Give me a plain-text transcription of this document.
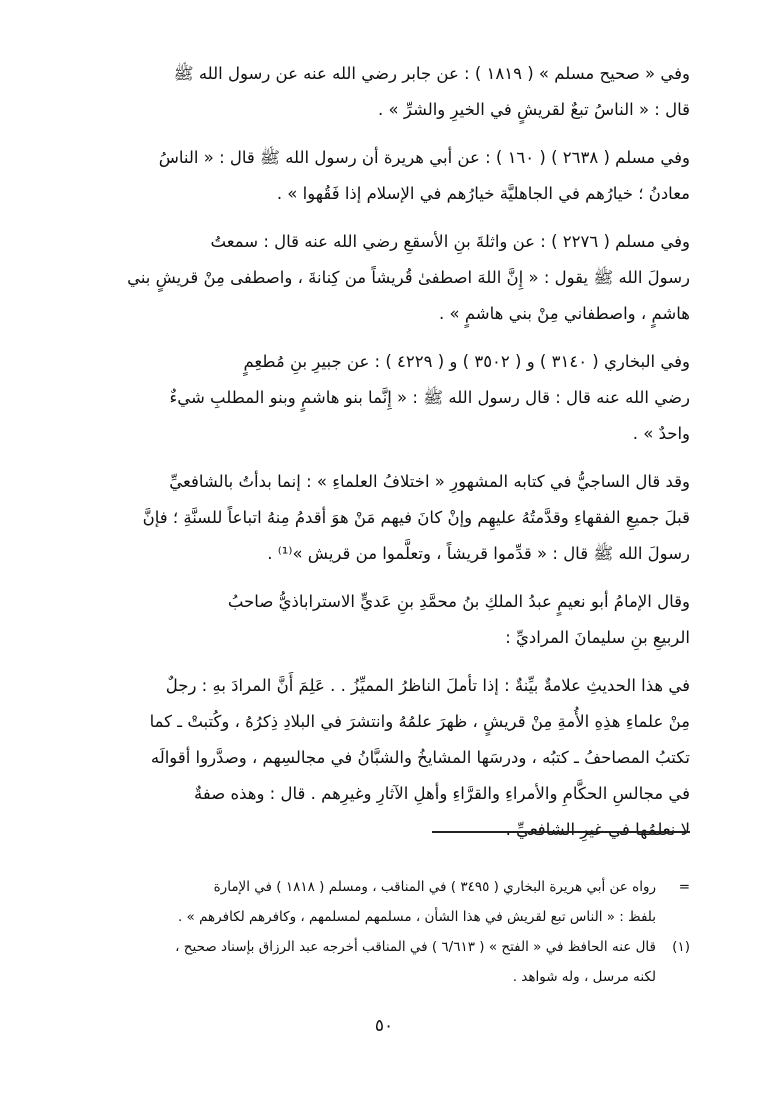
وفي « صحيح مسلم » ( ١٨١٩ ) : عن جابر رضي الله عنه عن رسول الله ﷺ
قال : « الناسُ تبعٌ لقريشٍ في الخيرِ والشرِّ » .

وفي مسلم ( ٢٦٣٨ ) ( ١٦٠ ) : عن أبي هريرة أن رسول الله ﷺ قال : « الناسُ
معادنُ ؛ خيارُهم في الجاهليَّة خيارُهم في الإسلام إذا فَقُهوا » .

وفي مسلم ( ٢٢٧٦ ) : عن واثلةَ بنِ الأسقعِ رضي الله عنه قال : سمعتُ
رسولَ الله ﷺ يقول : « إِنَّ اللهَ اصطفىٰ قُريشاً من كِنانةَ ، واصطفى مِنْ قريشٍ بني
هاشمٍ ، واصطفاني مِنْ بني هاشمٍ » .

وفي البخاري ( ٣١٤٠ ) و ( ٣٥٠٢ ) و ( ٤٢٢٩ ) : عن جبيرِ بنِ مُطعِمٍ
رضي الله عنه قال : قال رسول الله ﷺ : « إِنَّما بنو هاشمٍ وبنو المطلبِ شيءٌ
واحدٌ » .

وقد قال الساجيُّ في كتابه المشهورِ « اختلافُ العلماءِ » : إنما بدأتُ بالشافعيِّ
قبلَ جميعِ الفقهاءِ وقدَّمتُهُ عليهِم وإنْ كانَ فيهم مَنْ هوَ أقدمُ مِنهُ اتباعاً للسنَّةِ ؛ فإنَّ
رسولَ الله ﷺ قال : « قدِّموا قريشاً ، وتعلَّموا من قريش »⁽¹⁾ .

وقال الإمامُ أبو نعيمٍ عبدُ الملكِ بنُ محمَّدِ بنِ عَديٍّ الاستراباذيُّ صاحبُ
الربيعِ بنِ سليمانَ المراديِّ :

في هذا الحديثِ علامةٌ بيِّنةٌ : إذا تأملَ الناظرُ المميِّزُ . . عَلِمَ أَنَّ المرادَ بهِ : رجلٌ
مِنْ علماءِ هذِهِ الأُمةِ مِنْ قريشٍ ، ظهرَ علمُهُ وانتشرَ في البلادِ ذِكرُهُ ، وكُتبتْ ـ كما
تكتبُ المصاحفُ ـ كتبُه ، ودرسَها المشايخُ والشبَّانُ في مجالسِهم ، وصدَّروا أقوالَه
في مجالسِ الحكَّامِ والأمراءِ والقرَّاءِ وأهلِ الآثارِ وغيرِهم . قال : وهذه صفةٌ
لا نعلمُها في غيرِ الشافعيِّ .

=
رواه عن أبي هريرة البخاري ( ٣٤٩٥ ) في المناقب ، ومسلم ( ١٨١٨ ) في الإمارة
بلفظ : « الناس تبع لقريش في هذا الشأن ، مسلمهم لمسلمهم ، وكافرهم لكافرهم » .
(١)
قال عنه الحافظ في « الفتح » ( ٦/٦١٣ ) في المناقب أخرجه عبد الرزاق بإسناد صحيح ،
لكنه مرسل ، وله شواهد .
٥٠
